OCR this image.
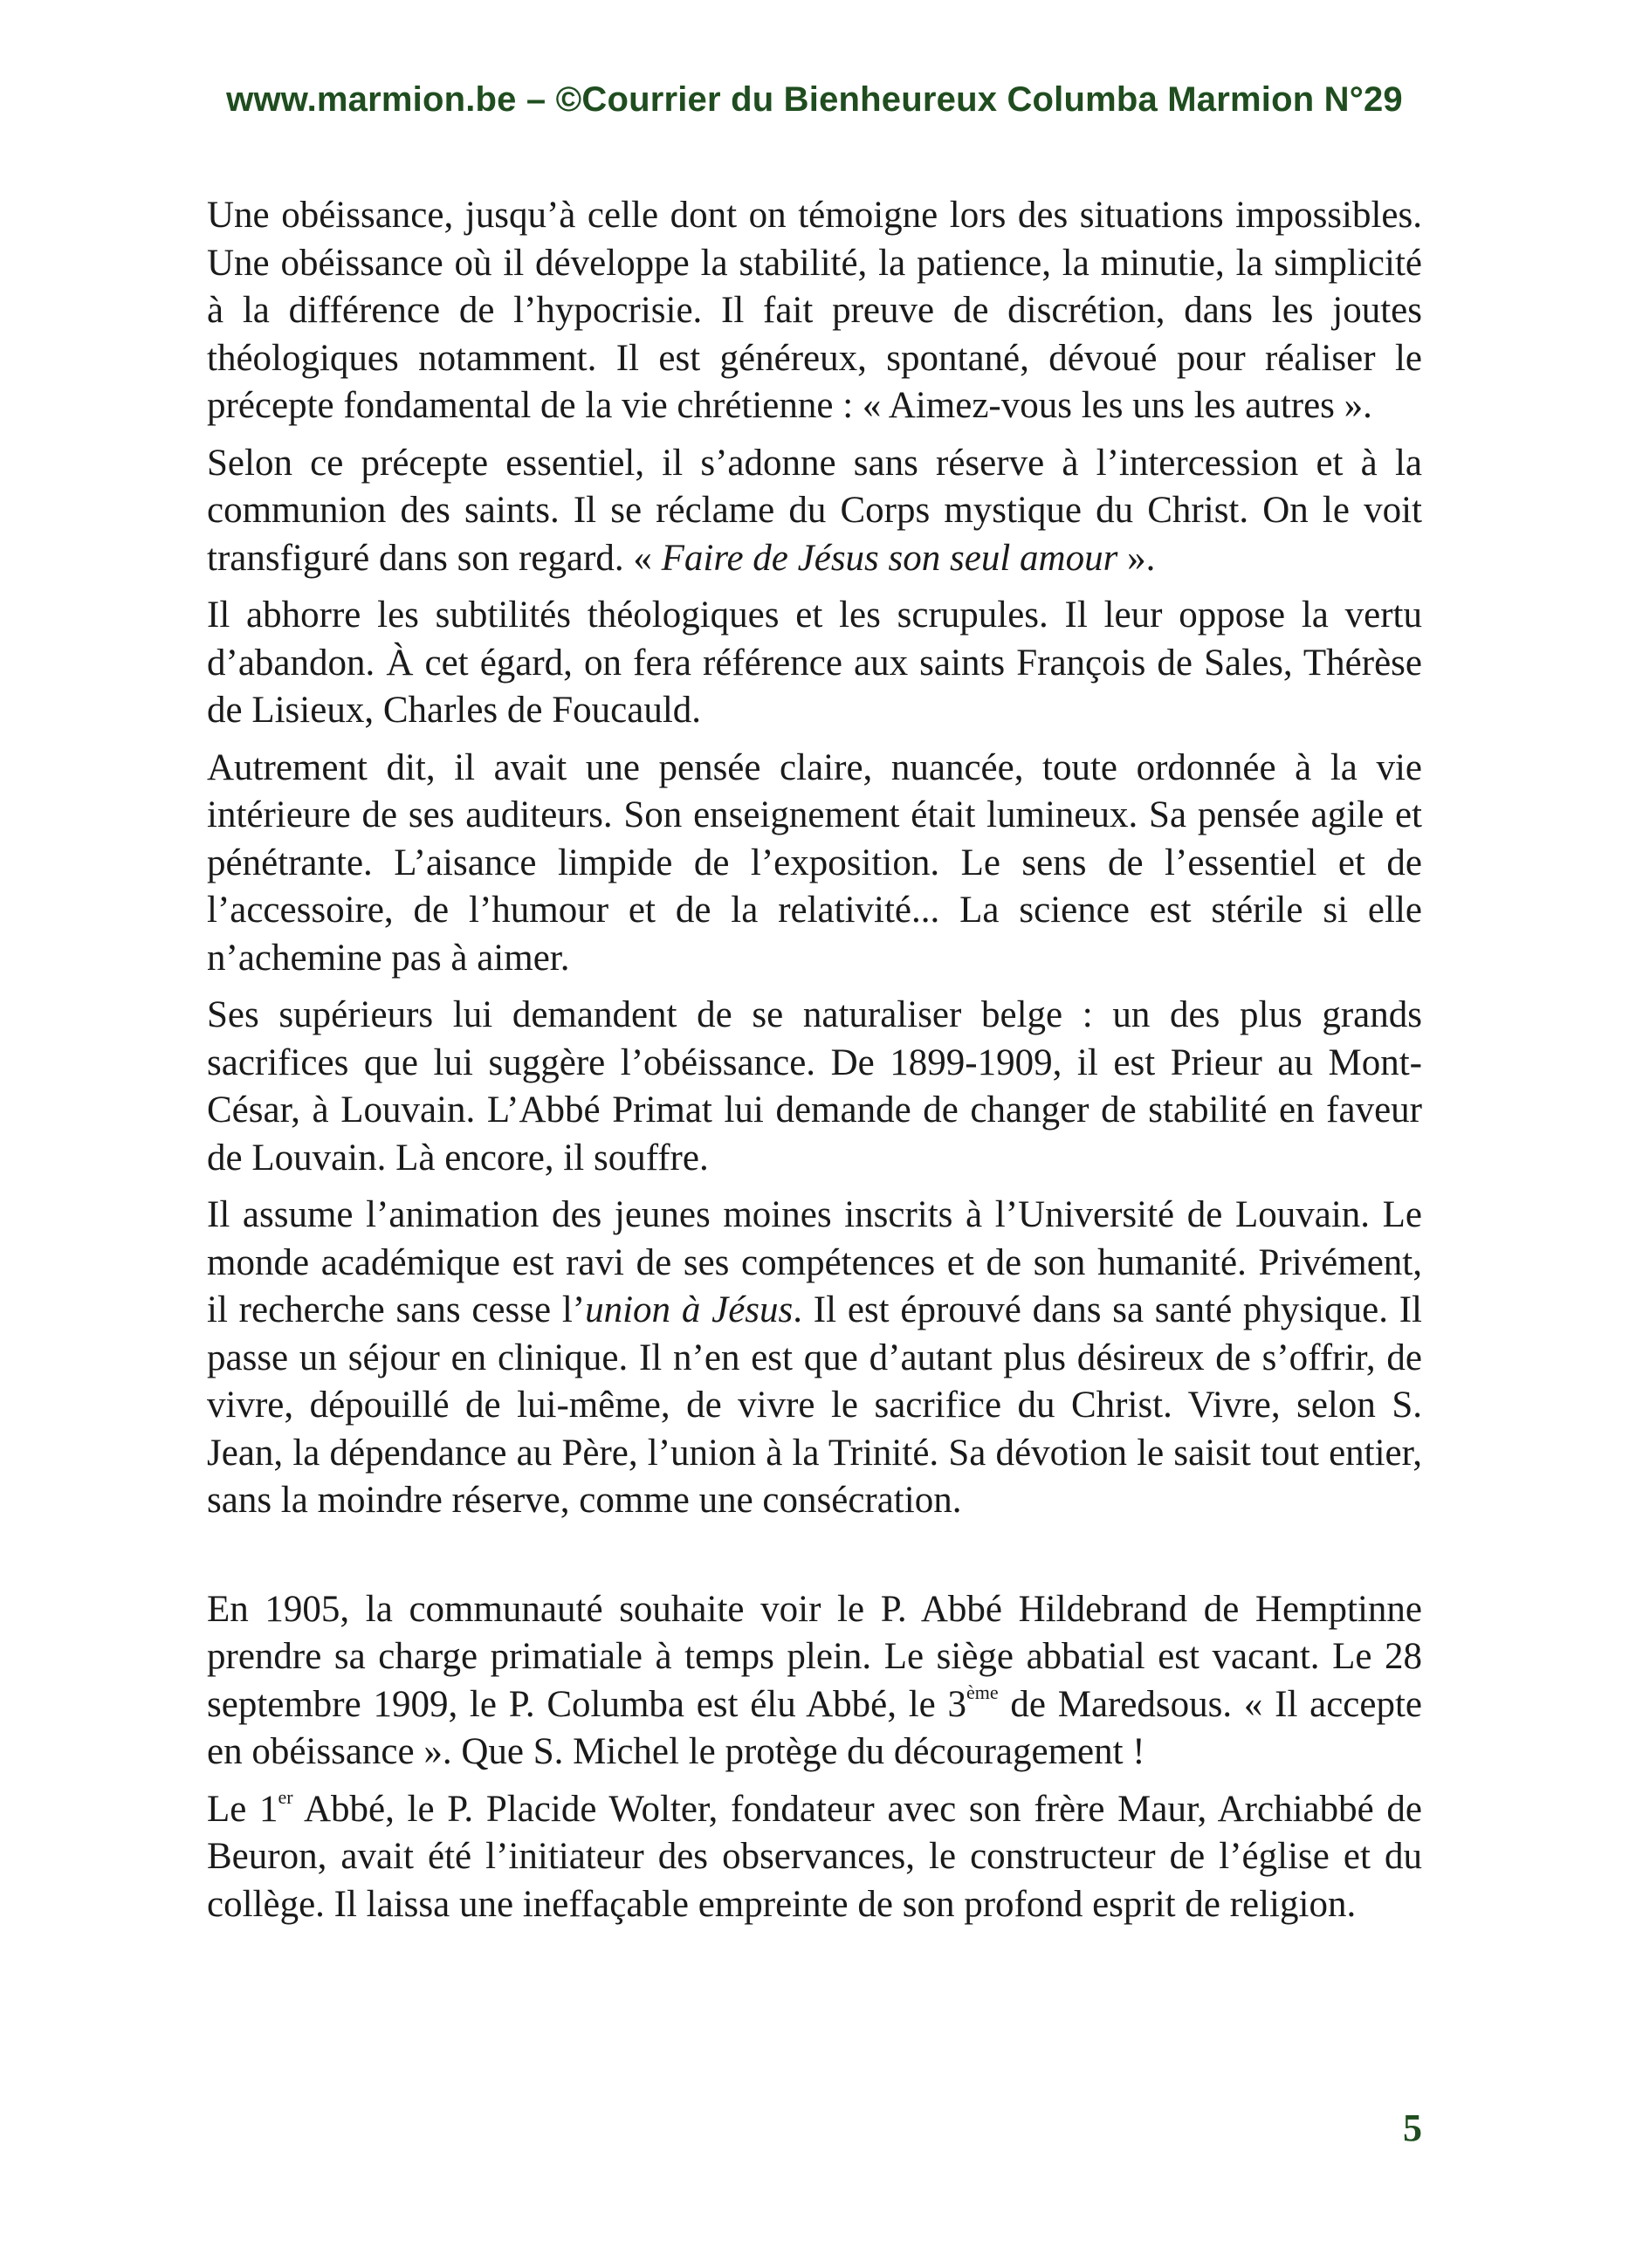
www.marmion.be – ©Courrier du Bienheureux Columba Marmion N°29

Une obéissance, jusqu’à celle dont on témoigne lors des situations impossibles. Une obéissance où il développe la stabilité, la patience, la minutie, la simplicité à la différence de l’hypocrisie. Il fait preuve de discrétion, dans les joutes théologiques notamment. Il est généreux, spontané, dévoué pour réaliser le précepte fondamental de la vie chrétienne : « Aimez-vous les uns les autres ».

Selon ce précepte essentiel, il s’adonne sans réserve à l’intercession et à la communion des saints. Il se réclame du Corps mystique du Christ. On le voit transfiguré dans son regard. « Faire de Jésus son seul amour ».

Il abhorre les subtilités théologiques et les scrupules. Il leur oppose la vertu d’abandon. À cet égard, on fera référence aux saints François de Sales, Thérèse de Lisieux, Charles de Foucauld.

Autrement dit, il avait une pensée claire, nuancée, toute ordonnée à la vie intérieure de ses auditeurs. Son enseignement était lumineux. Sa pensée agile et pénétrante. L’aisance limpide de l’exposition. Le sens de l’essentiel et de l’accessoire, de l’humour et de la relativité... La science est stérile si elle n’achemine pas à aimer.

Ses supérieurs lui demandent de se naturaliser belge : un des plus grands sacrifices que lui suggère l’obéissance. De 1899-1909, il est Prieur au Mont-César, à Louvain. L’Abbé Primat lui demande de changer de stabilité en faveur de Louvain. Là encore, il souffre.

Il assume l’animation des jeunes moines inscrits à l’Université de Louvain. Le monde académique est ravi de ses compétences et de son humanité. Privément, il recherche sans cesse l’union à Jésus. Il est éprouvé dans sa santé physique. Il passe un séjour en clinique. Il n’en est que d’autant plus désireux de s’offrir, de vivre, dépouillé de lui-même, de vivre le sacrifice du Christ. Vivre, selon S. Jean, la dépendance au Père, l’union à la Trinité. Sa dévotion le saisit tout entier, sans la moindre réserve, comme une consécration.

En 1905, la communauté souhaite voir le P. Abbé Hildebrand de Hemptinne prendre sa charge primatiale à temps plein. Le siège abbatial est vacant. Le 28 septembre 1909, le P. Columba est élu Abbé, le 3ème de Maredsous. « Il accepte en obéissance ». Que S. Michel le protège du découragement !

Le 1er Abbé, le P. Placide Wolter, fondateur avec son frère Maur, Archiabbé de Beuron, avait été l’initiateur des observances, le constructeur de l’église et du collège. Il laissa une ineffaçable empreinte de son profond esprit de religion.

5
